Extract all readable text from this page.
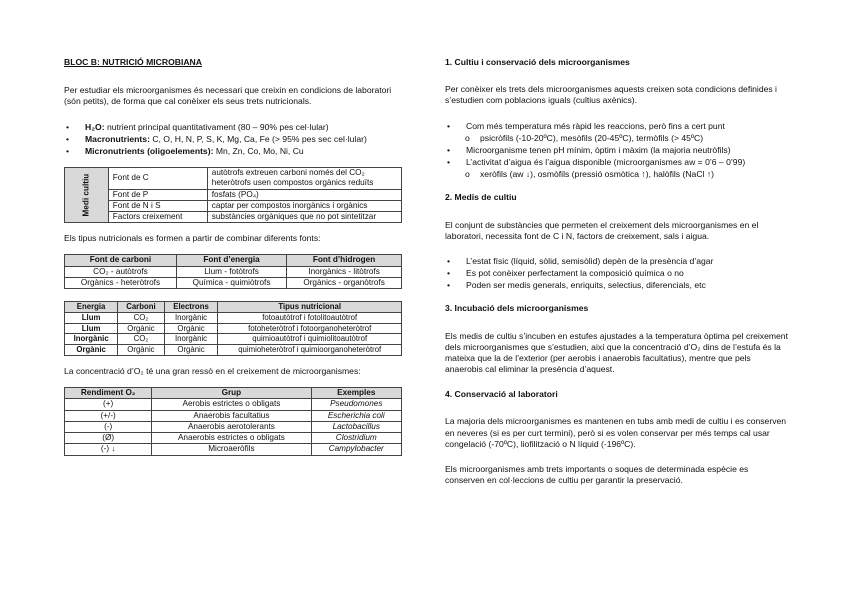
BLOC B: NUTRICIÓ MICROBIANA

Per estudiar els microorganismes és necessari que creixin en condicions de laboratori (són petits), de forma que cal conèixer els seus trets nutricionals.

• H₂O: nutrient principal quantitativament (80 – 90% pes cel·lular)
• Macronutrients: C, O, H, N, P, S, K, Mg, Ca, Fe (> 95% pes sec cel·lular)
• Micronutrients (oligoelements): Mn, Zn, Co, Mo, Ni, Cu
Medi cultiu	Font de C	autòtrofs extreuen carboni només del CO₂
heteròtrofs usen compostos orgànics reduïts
	Font de P	fosfats (PO₄)
	Font de N i S	captar per compostos inorgànics i orgànics
	Factors creixement	substàncies orgàniques que no pot sintetitzar

Els tipus nutricionals es formen a partir de combinar diferents fonts:

Font de carboni	Font d’energia	Font d’hidrogen
CO₂ - autòtrofs	Llum - fotòtrofs	Inorgànics - litòtrofs
Orgànics - heteròtrofs	Química - quimiòtrofs	Orgànics - organòtrofs
Energia	Carboni	Electrons	Tipus nutricional
Llum	CO₂	Inorgànic	fotoautòtrof i fotolitoautòtrof
Llum	Orgànic	Orgànic	fotoheteròtrof i fotoorganoheteròtrof
Inorgànic	CO₂	Inorgànic	quimioautòtrof i quimiolitoautòtrof
Orgànic	Orgànic	Orgànic	quimioheteròtrof i quimioorganoheteròtrof

La concentració d’O₂ té una gran ressò en el creixement de microorganismes:

Rendiment O₂	Grup	Exemples
(+)	Aerobis estrictes o obligats	Pseudomones
(+/-)	Anaerobis facultatius	Escherichia coli
(-)	Anaerobis aerotolerants	Lactobacillus
(Ø)	Anaerobis estrictes o obligats	Clostridium
(-) ↓	Microaeròfils	Campylobacter
1. Cultiu i conservació dels microorganismes

Per conèixer els trets dels microorganismes aquests creixen sota condicions definides i s’estudien com poblacions iguals (cultius axènics).

• Com més temperatura més ràpid les reaccions, però fins a cert punt
o psicròfils (-10-20ºC), mesòfils (20-45ºC), termòfils (> 45ºC)
• Microorganisme tenen pH mínim, òptim i màxim (la majoria neutròfils)
• L’activitat d’aigua és l’aigua disponible (microorganismes aw = 0’6 – 0’99)
o xeròfils (aw ↓), osmòfils (pressió osmòtica ↑), halòfils (NaCl ↑)
2. Medis de cultiu

El conjunt de substàncies que permeten el creixement dels microorganismes en el laboratori, necessita font de C i N, factors de creixement, sals i aigua.

• L’estat físic (líquid, sòlid, semisòlid) depèn de la presència d’agar
• Es pot conèixer perfectament la composició química o no
• Poden ser medis generals, enriquits, selectius, diferencials, etc
3. Incubació dels microorganismes

Els medis de cultiu s’incuben en estufes ajustades a la temperatura òptima pel creixement dels microorganismes que s’estudien, així que la concentració d’O₂ dins de l’estufa és la mateixa que la de l’exterior (per aerobis i anaerobis facultatius), mentre que pels anaerobis cal eliminar la presència d’aquest.

4. Conservació al laboratori

La majoria dels microorganismes es mantenen en tubs amb medi de cultiu i es conserven en neveres (si es per curt termini), però si es volen conservar per més temps cal usar congelació (-70ºC), liofilització o N líquid (-196ºC).

Els microorganismes amb trets importants o soques de determinada espècie es conserven en col·leccions de cultiu per garantir la preservació.
